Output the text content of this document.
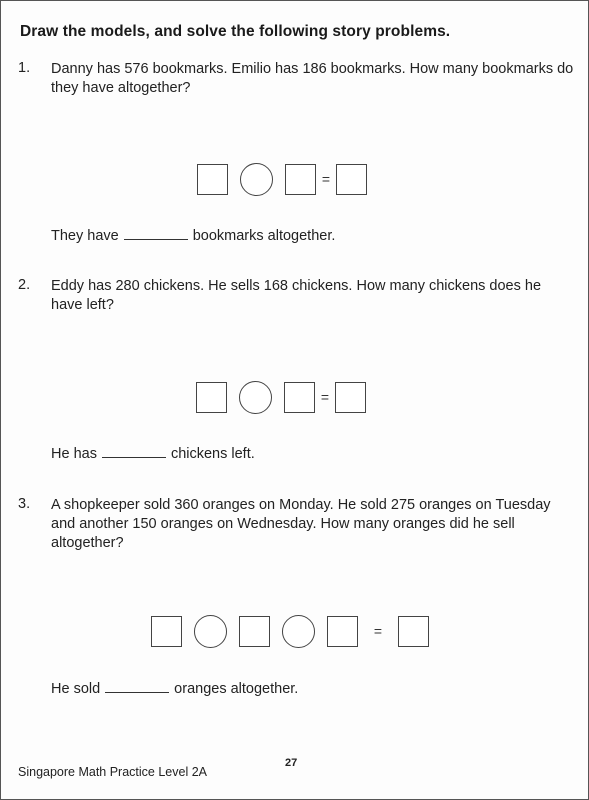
Draw the models, and solve the following story problems.
1. Danny has 576 bookmarks. Emilio has 186 bookmarks. How many bookmarks do they have altogether?
=
They have	bookmarks altogether.
2. Eddy has 280 chickens. He sells 168 chickens. How many chickens does he have left?
=
He has	chickens left.
3. A shopkeeper sold 360 oranges on Monday. He sold 275 oranges on Tuesday and another 150 oranges on Wednesday. How many oranges did he sell altogether?
=
He sold	oranges altogether.
27
Singapore Math Practice Level 2A
